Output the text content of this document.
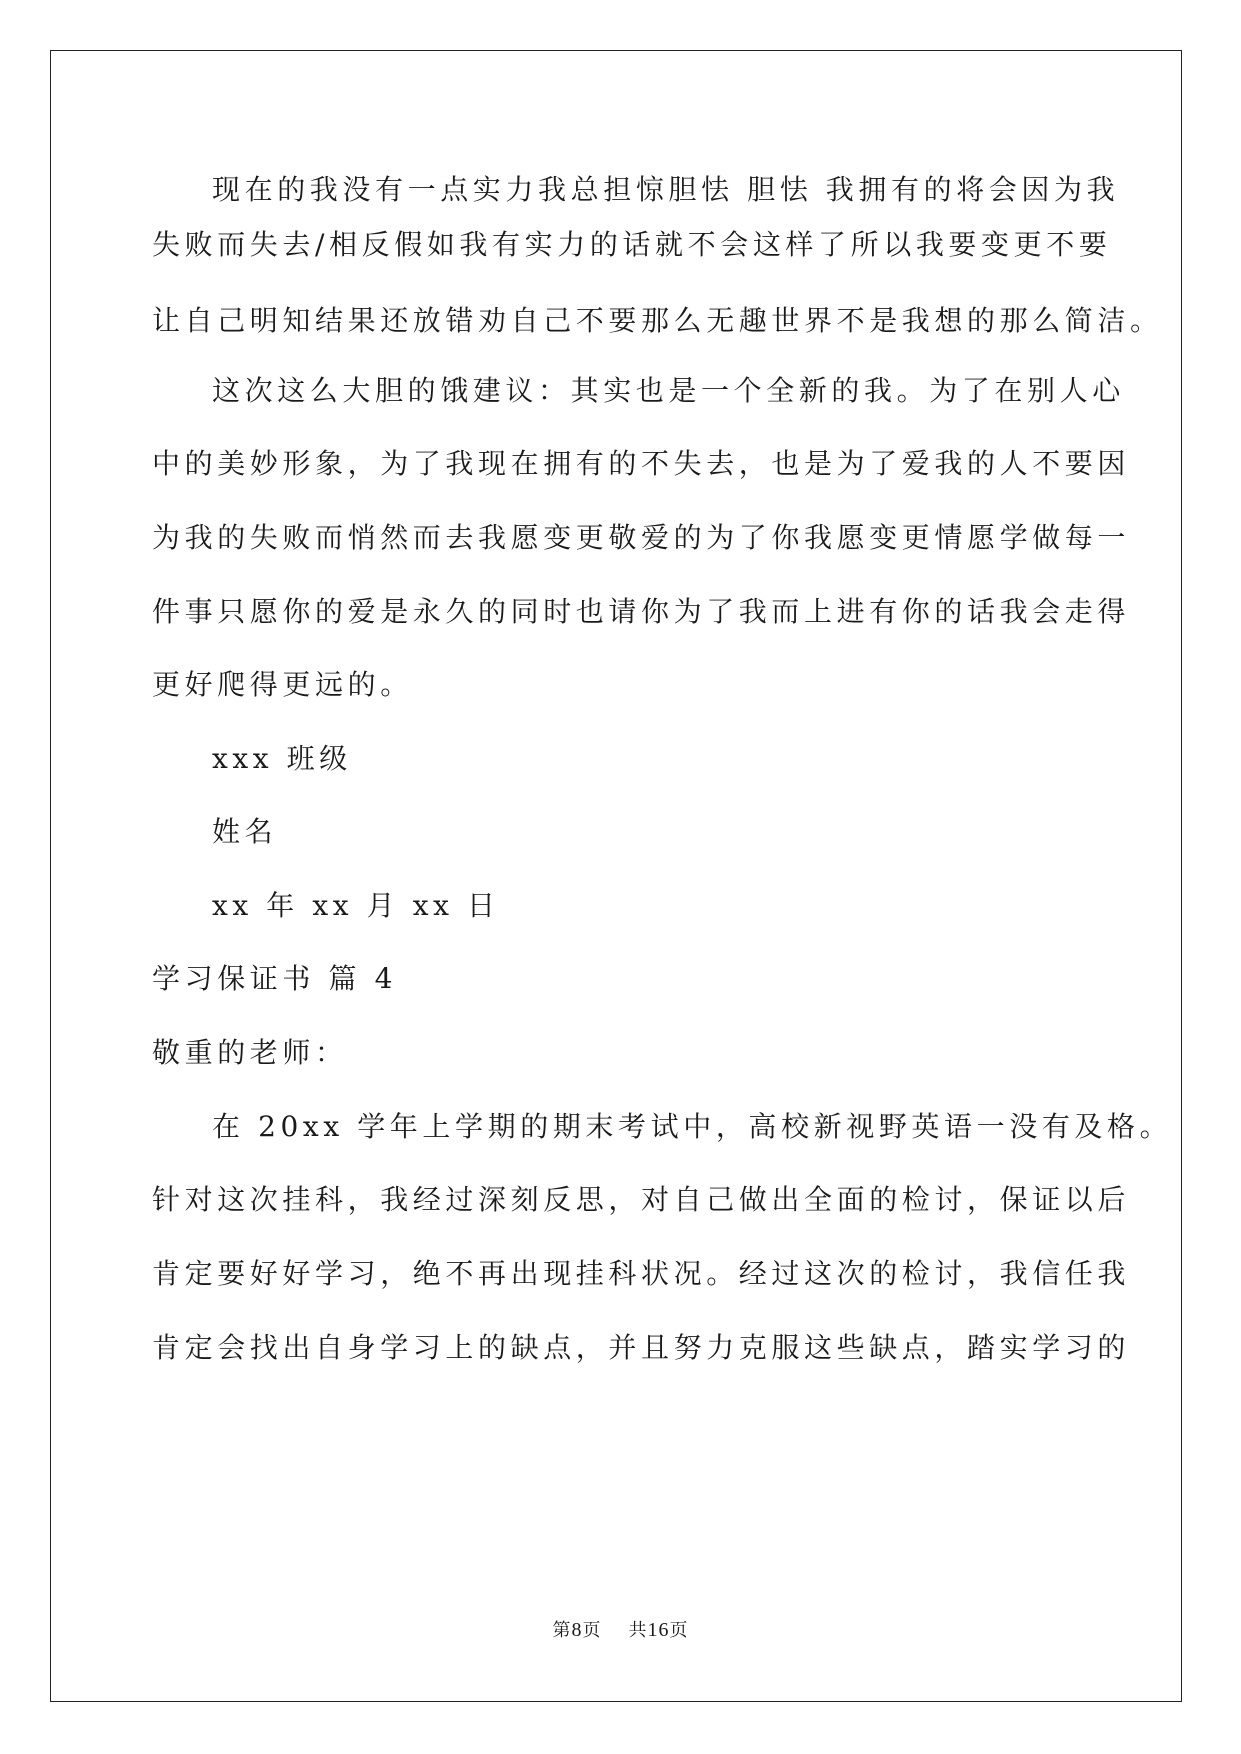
现在的我没有一点实力我总担惊胆怯 胆怯 我拥有的将会因为我
失败而失去/相反假如我有实力的话就不会这样了所以我要变更不要
让自己明知结果还放错劝自己不要那么无趣世界不是我想的那么简洁。
这次这么大胆的饿建议：其实也是一个全新的我。为了在别人心
中的美妙形象，为了我现在拥有的不失去，也是为了爱我的人不要因
为我的失败而悄然而去我愿变更敬爱的为了你我愿变更情愿学做每一
件事只愿你的爱是永久的同时也请你为了我而上进有你的话我会走得
更好爬得更远的。
xxx 班级
姓名
xx 年 xx 月 xx 日
学习保证书 篇 4
敬重的老师：
在 20xx 学年上学期的期末考试中，高校新视野英语一没有及格。
针对这次挂科，我经过深刻反思，对自己做出全面的检讨，保证以后
肯定要好好学习，绝不再出现挂科状况。经过这次的检讨，我信任我
肯定会找出自身学习上的缺点，并且努力克服这些缺点，踏实学习的
第8页 共16页
